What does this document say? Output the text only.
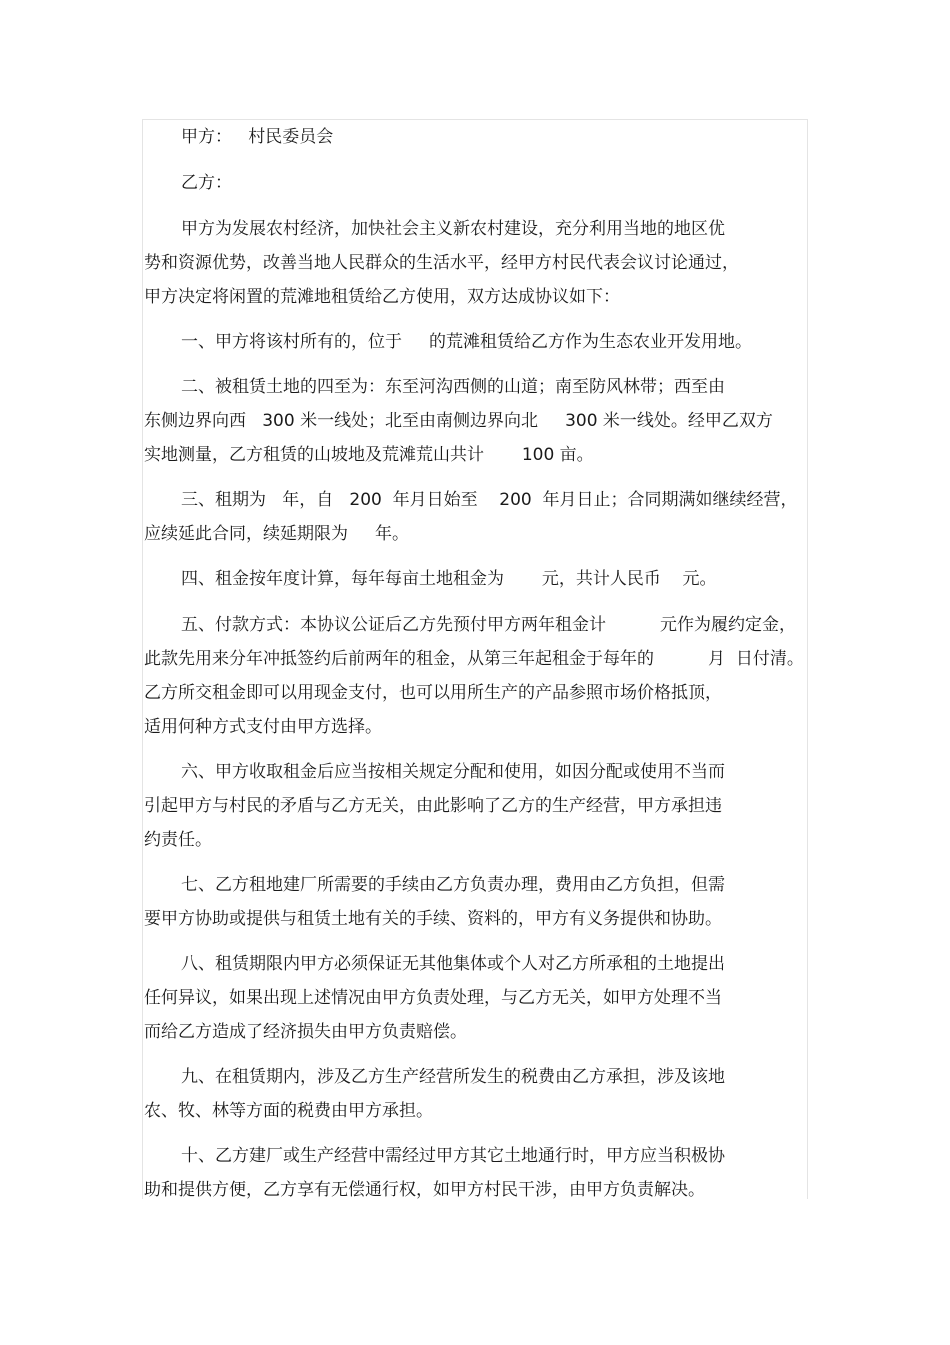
甲方：   村民委员会

乙方：

甲方为发展农村经济，加快社会主义新农村建设，充分利用当地的地区优

势和资源优势，改善当地人民群众的生活水平，经甲方村民代表会议讨论通过，

甲方决定将闲置的荒滩地租赁给乙方使用，双方达成协议如下：

一、甲方将该村所有的，位于     的荒滩租赁给乙方作为生态农业开发用地。

二、被租赁土地的四至为：东至河沟西侧的山道；南至防风林带；西至由

东侧边界向西   300 米一线处；北至由南侧边界向北     300 米一线处。经甲乙双方

实地测量，乙方租赁的山坡地及荒滩荒山共计       100 亩。

三、租期为   年，自   200  年月日始至    200  年月日止；合同期满如继续经营，

应续延此合同，续延期限为     年。

四、租金按年度计算，每年每亩土地租金为       元，共计人民币    元。

五、付款方式：本协议公证后乙方先预付甲方两年租金计          元作为履约定金，

此款先用来分年冲抵签约后前两年的租金，从第三年起租金于每年的          月  日付清。

乙方所交租金即可以用现金支付，也可以用所生产的产品参照市场价格抵顶，

适用何种方式支付由甲方选择。

六、甲方收取租金后应当按相关规定分配和使用，如因分配或使用不当而

引起甲方与村民的矛盾与乙方无关，由此影响了乙方的生产经营，甲方承担违

约责任。

七、乙方租地建厂所需要的手续由乙方负责办理，费用由乙方负担，但需

要甲方协助或提供与租赁土地有关的手续、资料的，甲方有义务提供和协助。

八、租赁期限内甲方必须保证无其他集体或个人对乙方所承租的土地提出

任何异议，如果出现上述情况由甲方负责处理，与乙方无关，如甲方处理不当

而给乙方造成了经济损失由甲方负责赔偿。

九、在租赁期内，涉及乙方生产经营所发生的税费由乙方承担，涉及该地

农、牧、林等方面的税费由甲方承担。

十、乙方建厂或生产经营中需经过甲方其它土地通行时，甲方应当积极协

助和提供方便，乙方享有无偿通行权，如甲方村民干涉，由甲方负责解决。
